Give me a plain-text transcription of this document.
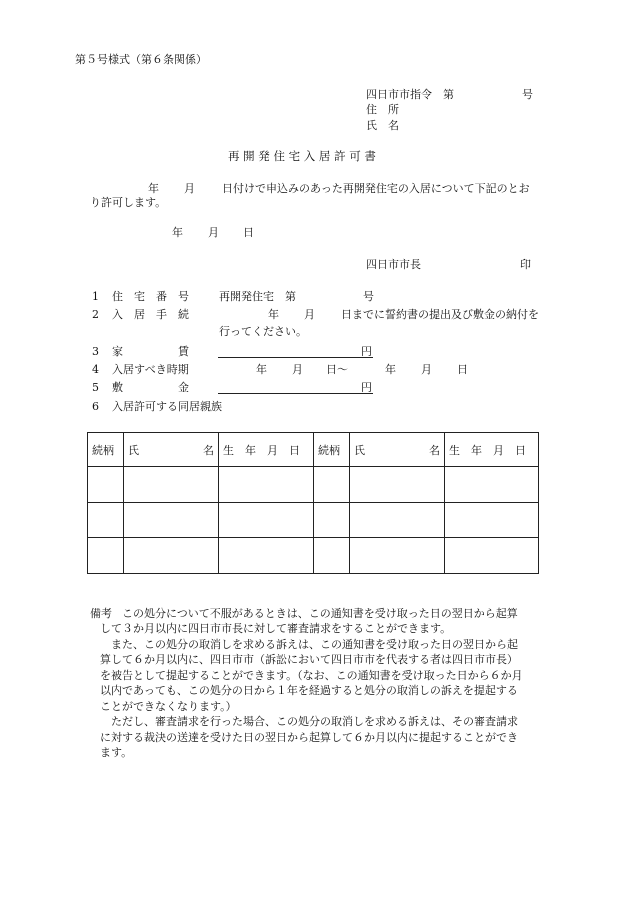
第５号様式（第６条関係）
四日市市指令　第	号
住　所
氏　名
再 開 発 住 宅 入 居 許 可 書
年 月 日付けで申込みのあった再開発住宅の入居について下記のとお
り許可します。
年 月 日
四日市市長	印
1 住　宅　番　号	再開発住宅　第	号
2 入　居　手　続	年 月 日までに誓約書の提出及び敷金の納付を
行ってください。
3 家　　　　　賃	円
4 入居すべき時期	年 月 日～	年 月 日
5 敷　　　　　金	円
6 入居許可する同居親族
続柄	氏 名	生　年　月　日	続柄	氏 名	生　年　月　日

備考 この処分について不服があるときは、この通知書を受け取った日の翌日から起算
して３か月以内に四日市市長に対して審査請求をすることができます。
また、この処分の取消しを求める訴えは、この通知書を受け取った日の翌日から起
算して６か月以内に、四日市市（訴訟において四日市市を代表する者は四日市市長）
を被告として提起することができます。（なお、この通知書を受け取った日から６か月
以内であっても、この処分の日から１年を経過すると処分の取消しの訴えを提起する
ことができなくなります。）
ただし、審査請求を行った場合、この処分の取消しを求める訴えは、その審査請求
に対する裁決の送達を受けた日の翌日から起算して６か月以内に提起することができ
ます。
